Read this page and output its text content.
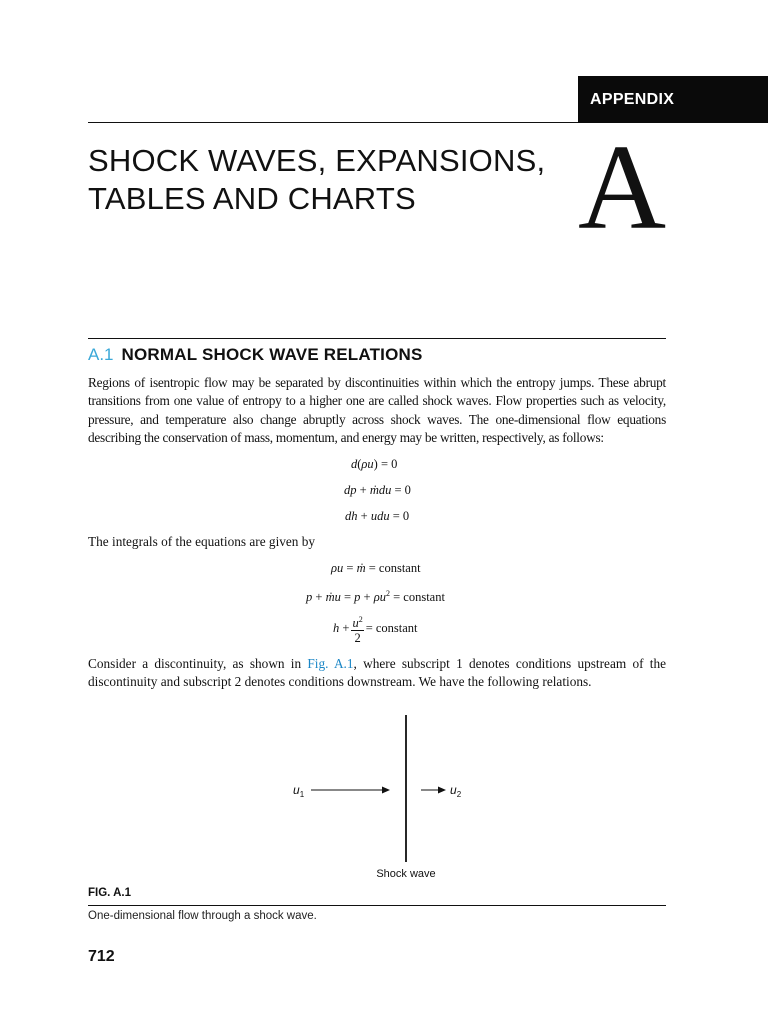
APPENDIX
SHOCK WAVES, EXPANSIONS,
TABLES AND CHARTS	A
A.1 NORMAL SHOCK WAVE RELATIONS
Regions of isentropic flow may be separated by discontinuities within which the entropy jumps. These abrupt transitions from one value of entropy to a higher one are called shock waves. Flow properties such as velocity, pressure, and temperature also change abruptly across shock waves. The one-dimensional flow equations describing the conservation of mass, momentum, and energy may be written, respectively, as follows:
d(ρu) = 0
dp + ṁdu = 0
dh + udu = 0
The integrals of the equations are given by
ρu = ṁ = constant
p + ṁu = $p + \rho u^2$ = constant
$h + \frac{u^2}{2}$ = constant
Consider a discontinuity, as shown in Fig. A.1, where subscript 1 denotes conditions upstream of the discontinuity and subscript 2 denotes conditions downstream. We have the following relations.
$u_1$	$u_2$
Shock wave
FIG. A.1
One-dimensional flow through a shock wave.
712
